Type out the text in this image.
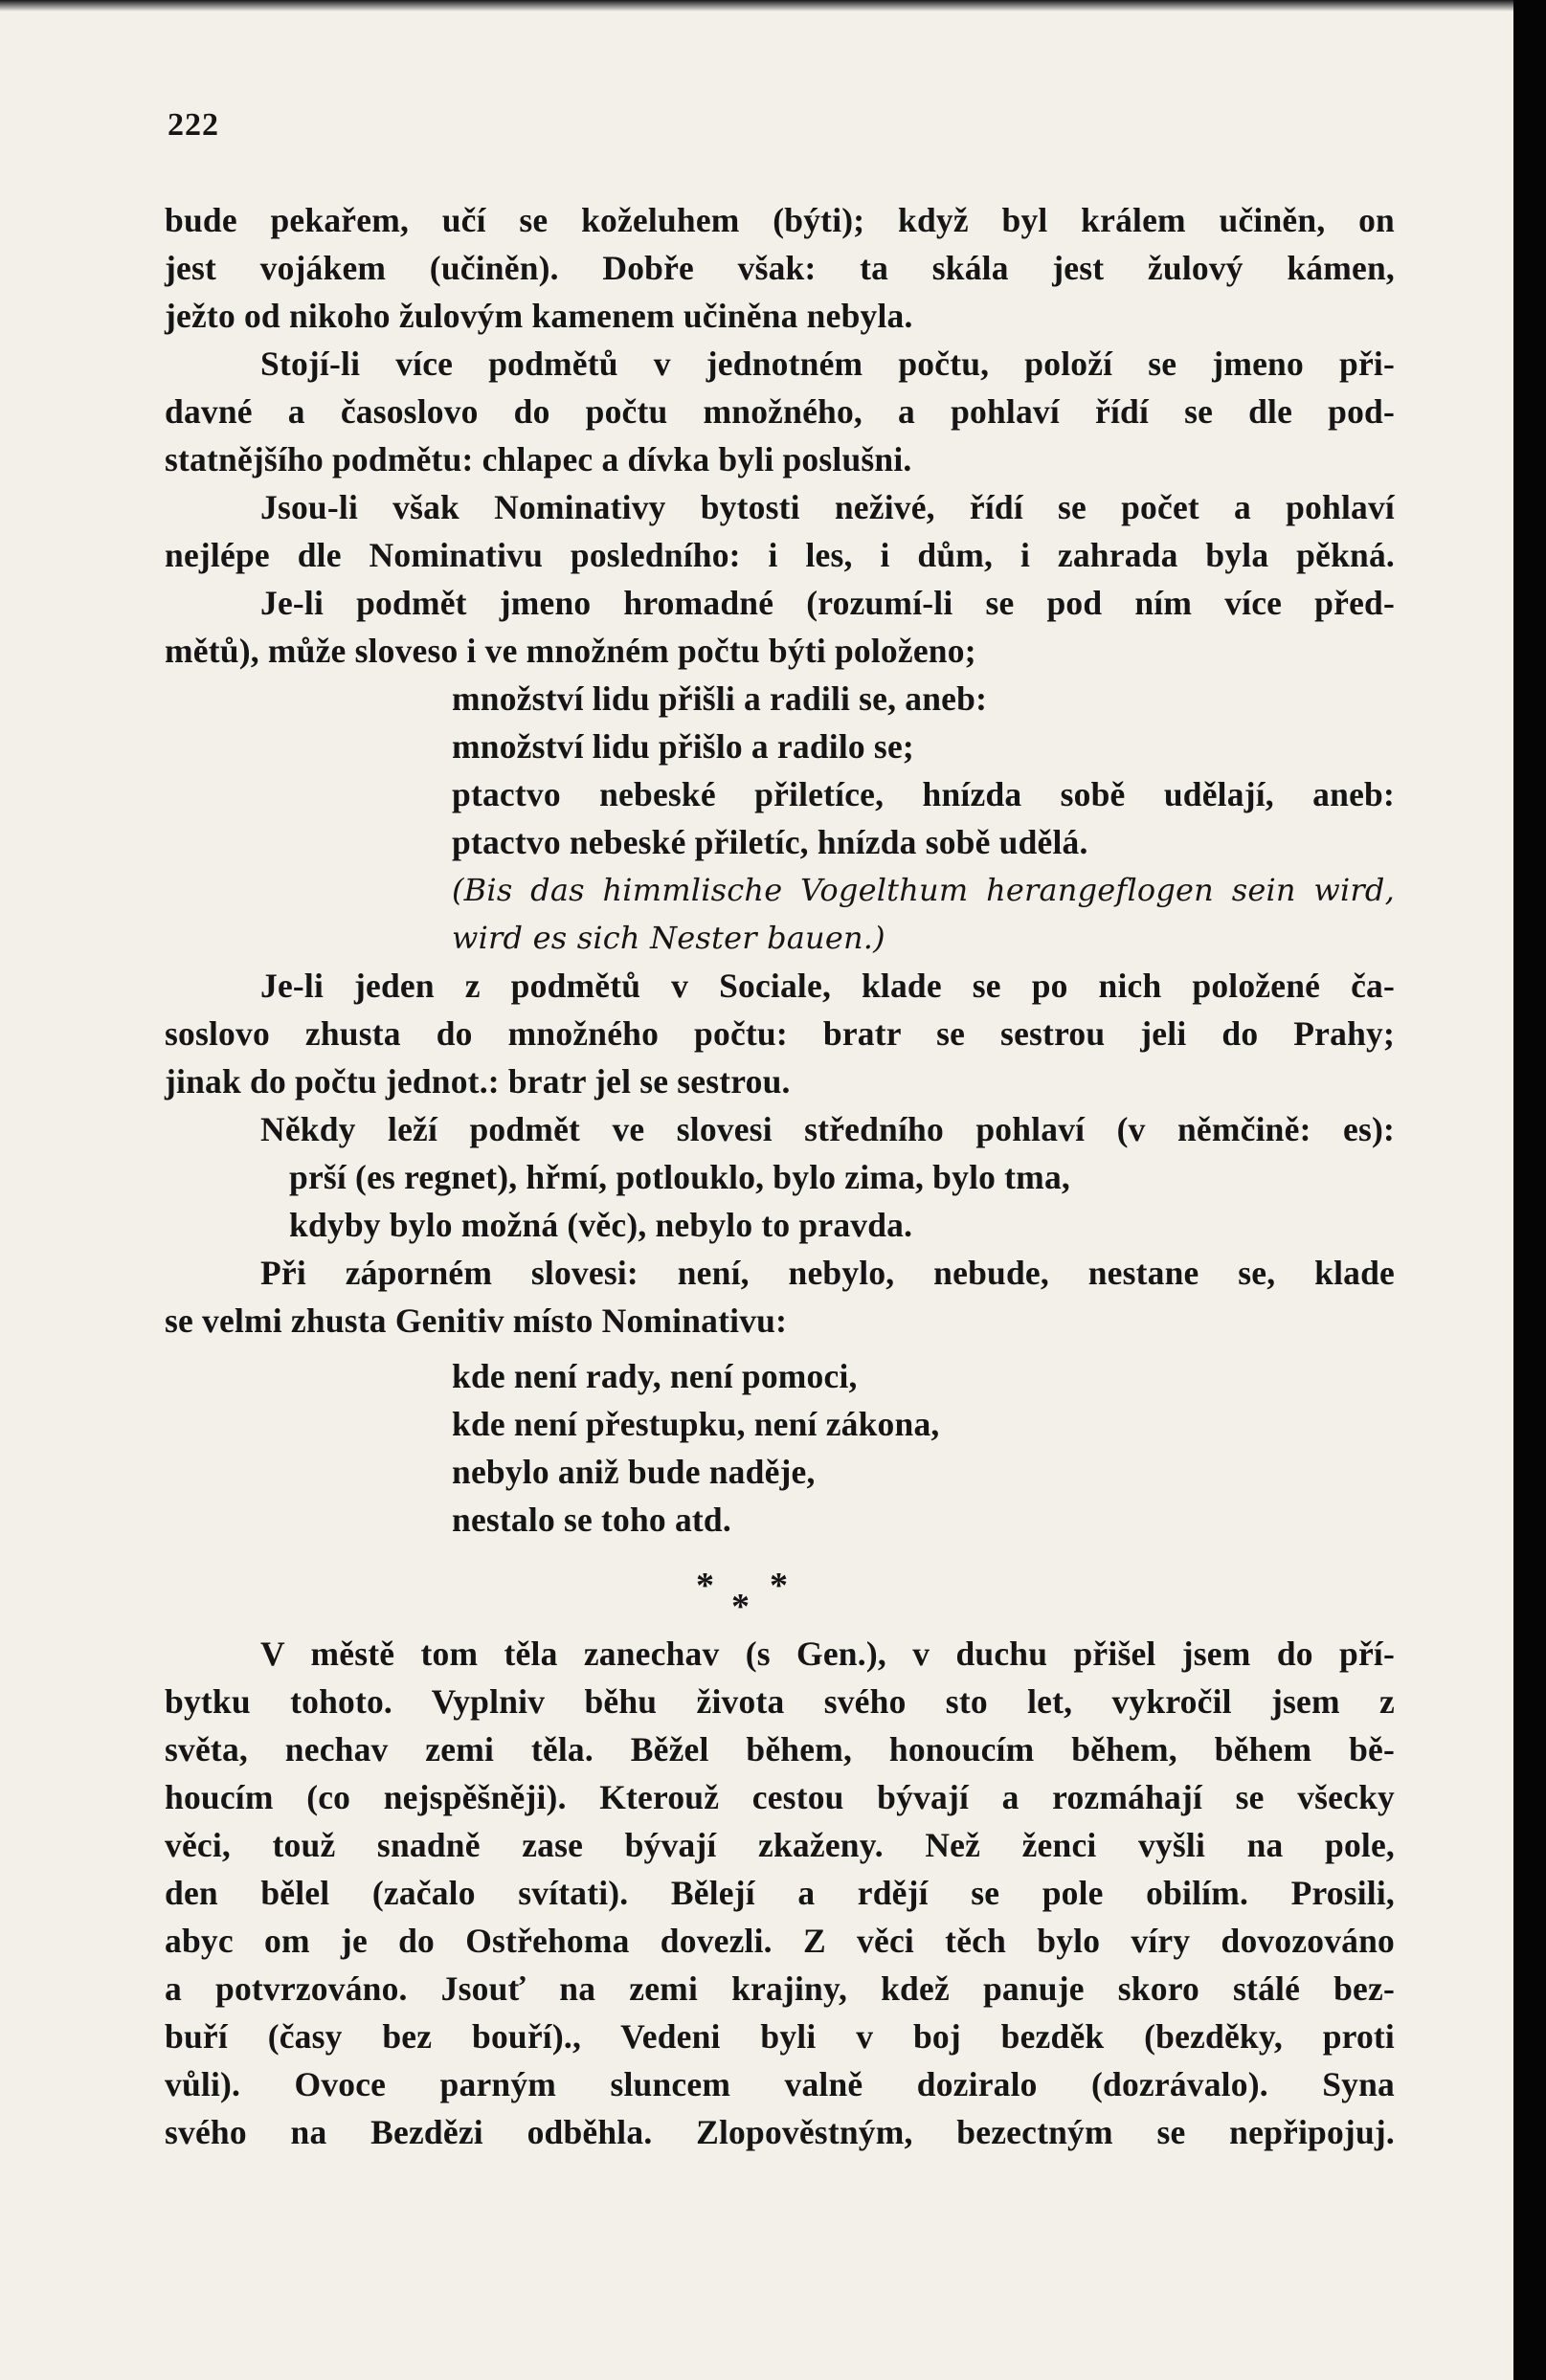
222
bude pekařem, učí se koželuhem (býti); když byl králem učiněn, on
jest vojákem (učiněn). Dobře však: ta skála jest žulový kámen,
ježto od nikoho žulovým kamenem učiněna nebyla.
Stojí-li více podmětů v jednotném počtu, položí se jmeno při-
davné a časoslovo do počtu množného, a pohlaví řídí se dle pod-
statnějšího podmětu: chlapec a dívka byli poslušni.
Jsou-li však Nominativy bytosti neživé, řídí se počet a pohlaví
nejlépe dle Nominativu posledního: i les, i dům, i zahrada byla pěkná.
Je-li podmět jmeno hromadné (rozumí-li se pod ním více před-
mětů), může sloveso i ve množném počtu býti položeno;
množství lidu přišli a radili se, aneb:
množství lidu přišlo a radilo se;
ptactvo nebeské přiletíce, hnízda sobě udělají, aneb:
ptactvo nebeské přiletíc, hnízda sobě udělá.
(Bis das himmlische Vogelthum herangeflogen sein wird,
wird es sich Nester bauen.)
Je-li jeden z podmětů v Sociale, klade se po nich položené ča-
soslovo zhusta do množného počtu: bratr se sestrou jeli do Prahy;
jinak do počtu jednot.: bratr jel se sestrou.
Někdy leží podmět ve slovesi středního pohlaví (v němčině: es):
prší (es regnet), hřmí, potlouklo, bylo zima, bylo tma,
kdyby bylo možná (věc), nebylo to pravda.
Při záporném slovesi: není, nebylo, nebude, nestane se, klade
se velmi zhusta Genitiv místo Nominativu:
kde není rady, není pomoci,
kde není přestupku, není zákona,
nebylo aniž bude naděje,
nestalo se toho atd.
* *
*
V městě tom těla zanechav (s Gen.), v duchu přišel jsem do pří-
bytku tohoto. Vyplniv běhu života svého sto let, vykročil jsem z
světa, nechav zemi těla. Běžel během, honoucím během, během bě-
houcím (co nejspěšněji). Kterouž cestou bývají a rozmáhají se všecky
věci, touž snadně zase bývají zkaženy. Než ženci vyšli na pole,
den bělel (začalo svítati). Bělejí a rdějí se pole obilím. Prosili,
abyc om je do Ostřehoma dovezli. Z věci těch bylo víry dovozováno
a potvrzováno. Jsouť na zemi krajiny, kdež panuje skoro stálé bez-
buří (časy bez bouří)., Vedeni byli v boj bezděk (bezděky, proti
vůli). Ovoce parným sluncem valně doziralo (dozrávalo). Syna
svého na Bezdězi odběhla. Zlopověstným, bezectným se nepřipojuj.
